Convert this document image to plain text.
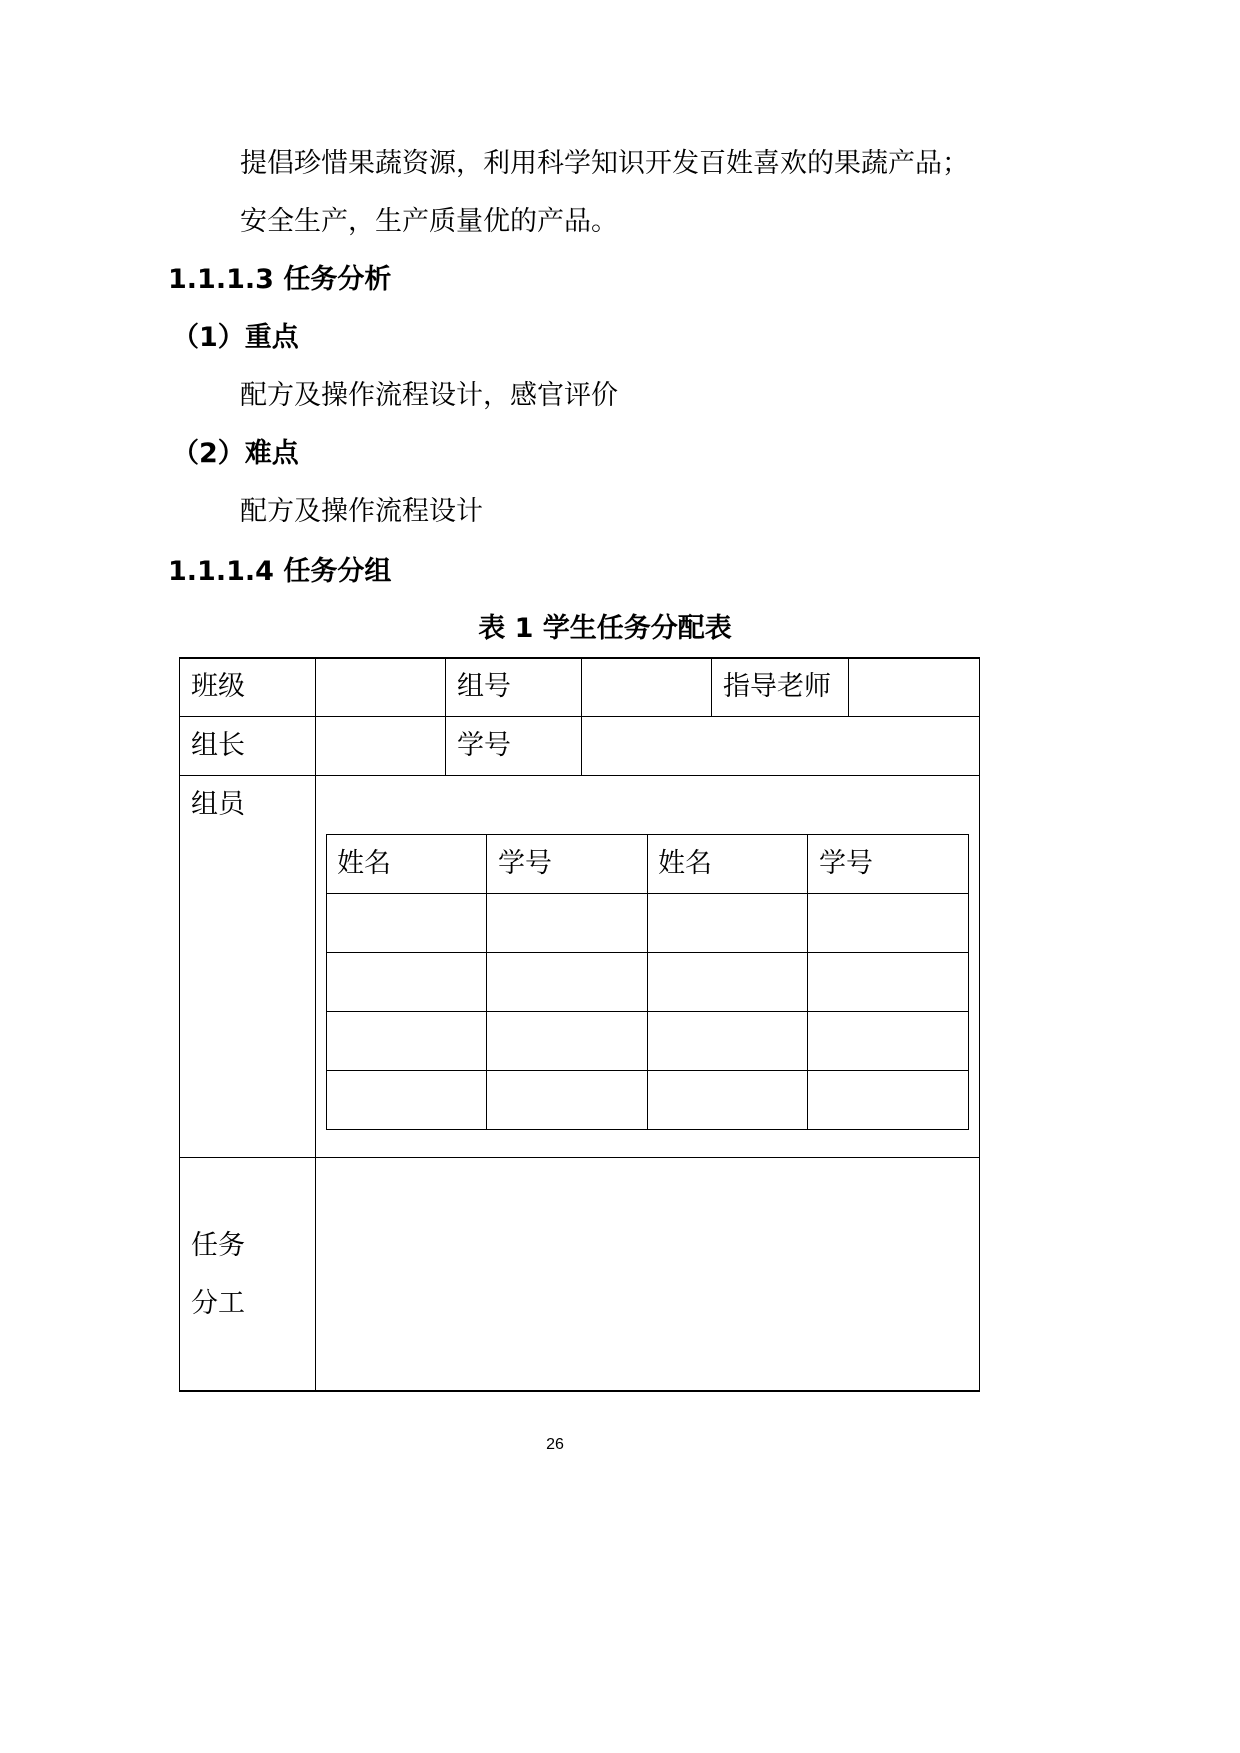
提倡珍惜果蔬资源，利用科学知识开发百姓喜欢的果蔬产品；
安全生产，生产质量优的产品。
1.1.1.3 任务分析
（1）重点
配方及操作流程设计，感官评价
（2）难点
配方及操作流程设计
1.1.1.4 任务分组
表 1 学生任务分配表
班级	组号	指导老师
组长	学号
组员
姓名	学号	姓名	学号
任务
分工
26
